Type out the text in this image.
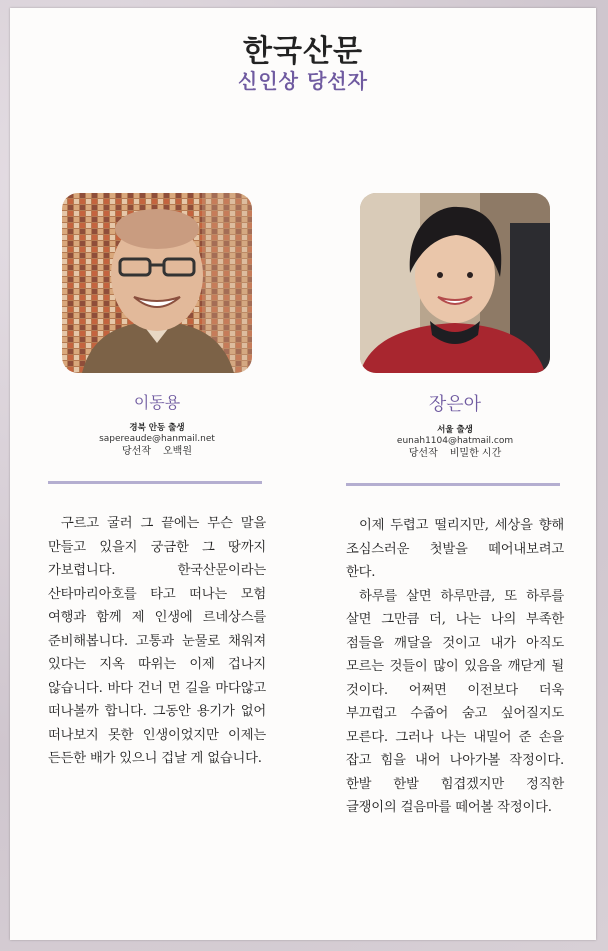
한국산문
신인상 당선자
이동용
경북 안동 출생
sapereaude@hanmail.net
당선작 오백원

구르고 굴러 그 끝에는 무슨 말을 만들고 있을지 궁금한 그 땅까지 가보렵니다. 한국산문이라는 산타마리아호를 타고 떠나는 모험 여행과 함께 제 인생에 르네상스를 준비해봅니다. 고통과 눈물로 채워져 있다는 지옥 따위는 이제 겁나지 않습니다. 바다 건너 먼 길을 마다않고 떠나볼까 합니다. 그동안 용기가 없어 떠나보지 못한 인생이었지만 이제는 든든한 배가 있으니 겁날 게 없습니다.

장은아
서울 출생
eunah1104@hatmail.com
당선작 비밀한 시간

이제 두렵고 떨리지만, 세상을 향해 조심스러운 첫발을 떼어내보려고 한다.

하루를 살면 하루만큼, 또 하루를 살면 그만큼 더, 나는 나의 부족한 점들을 깨달을 것이고 내가 아직도 모르는 것들이 많이 있음을 깨닫게 될 것이다. 어쩌면 이전보다 더욱 부끄럽고 수줍어 숨고 싶어질지도 모른다. 그러나 나는 내밀어 준 손을 잡고 힘을 내어 나아가볼 작정이다. 한발 한발 힘겹겠지만 정직한 글쟁이의 걸음마를 떼어볼 작정이다.
